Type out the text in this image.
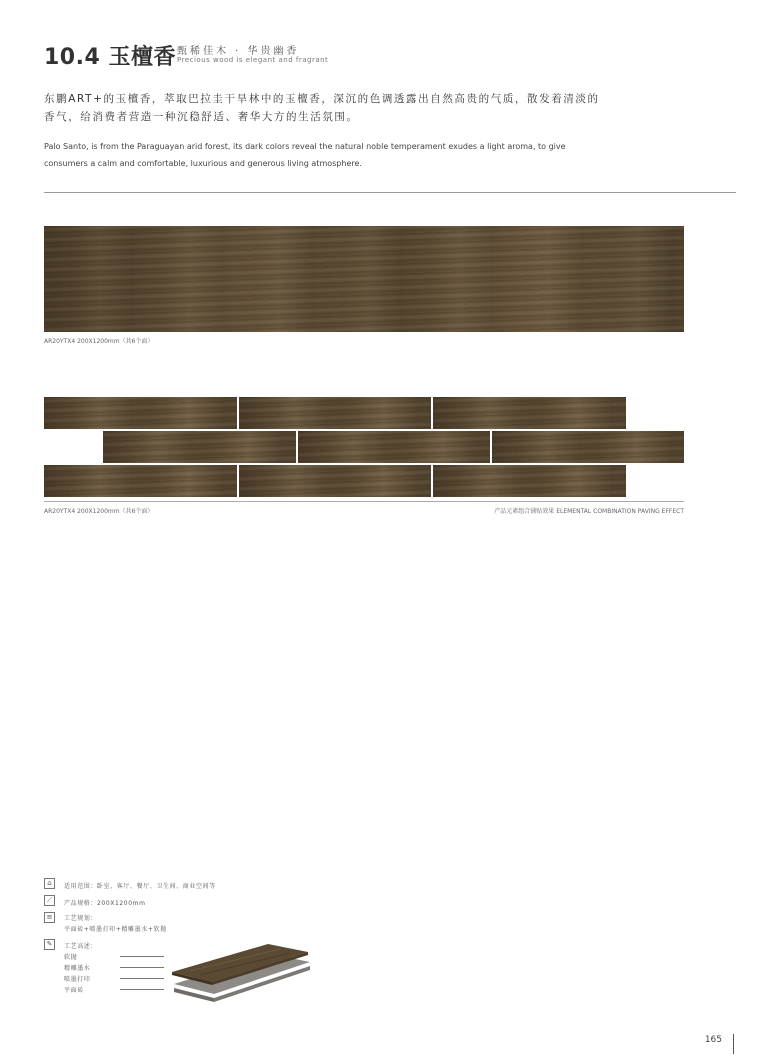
10.4 玉檀香 甄稀佳木 · 华贵幽香
Precious wood is elegant and fragrant
东鹏ART+的玉檀香，萃取巴拉圭干旱林中的玉檀香，深沉的色调透露出自然高贵的气质，散发着清淡的香气，给消费者营造一种沉稳舒适、奢华大方的生活氛围。
Palo Santo, is from the Paraguayan arid forest, its dark colors reveal the natural noble temperament exudes a light aroma, to give consumers a calm and comfortable, luxurious and generous living atmosphere.
AR20YTX4 200X1200mm（共6个面）
AR20YTX4 200X1200mm（共6个面）	产品元素组合铺贴效果 ELEMENTAL COMBINATION PAVING EFFECT
⌂	适用范围：卧室、客厅、餐厅、卫生间、商业空间等
⟋	产品规格：200X1200mm
≡	工艺规划：
平面砖+喷墨打印+精雕墨水+软抛
✎	工艺高述：
软抛
精雕墨水
喷墨打印
平面砖
165
